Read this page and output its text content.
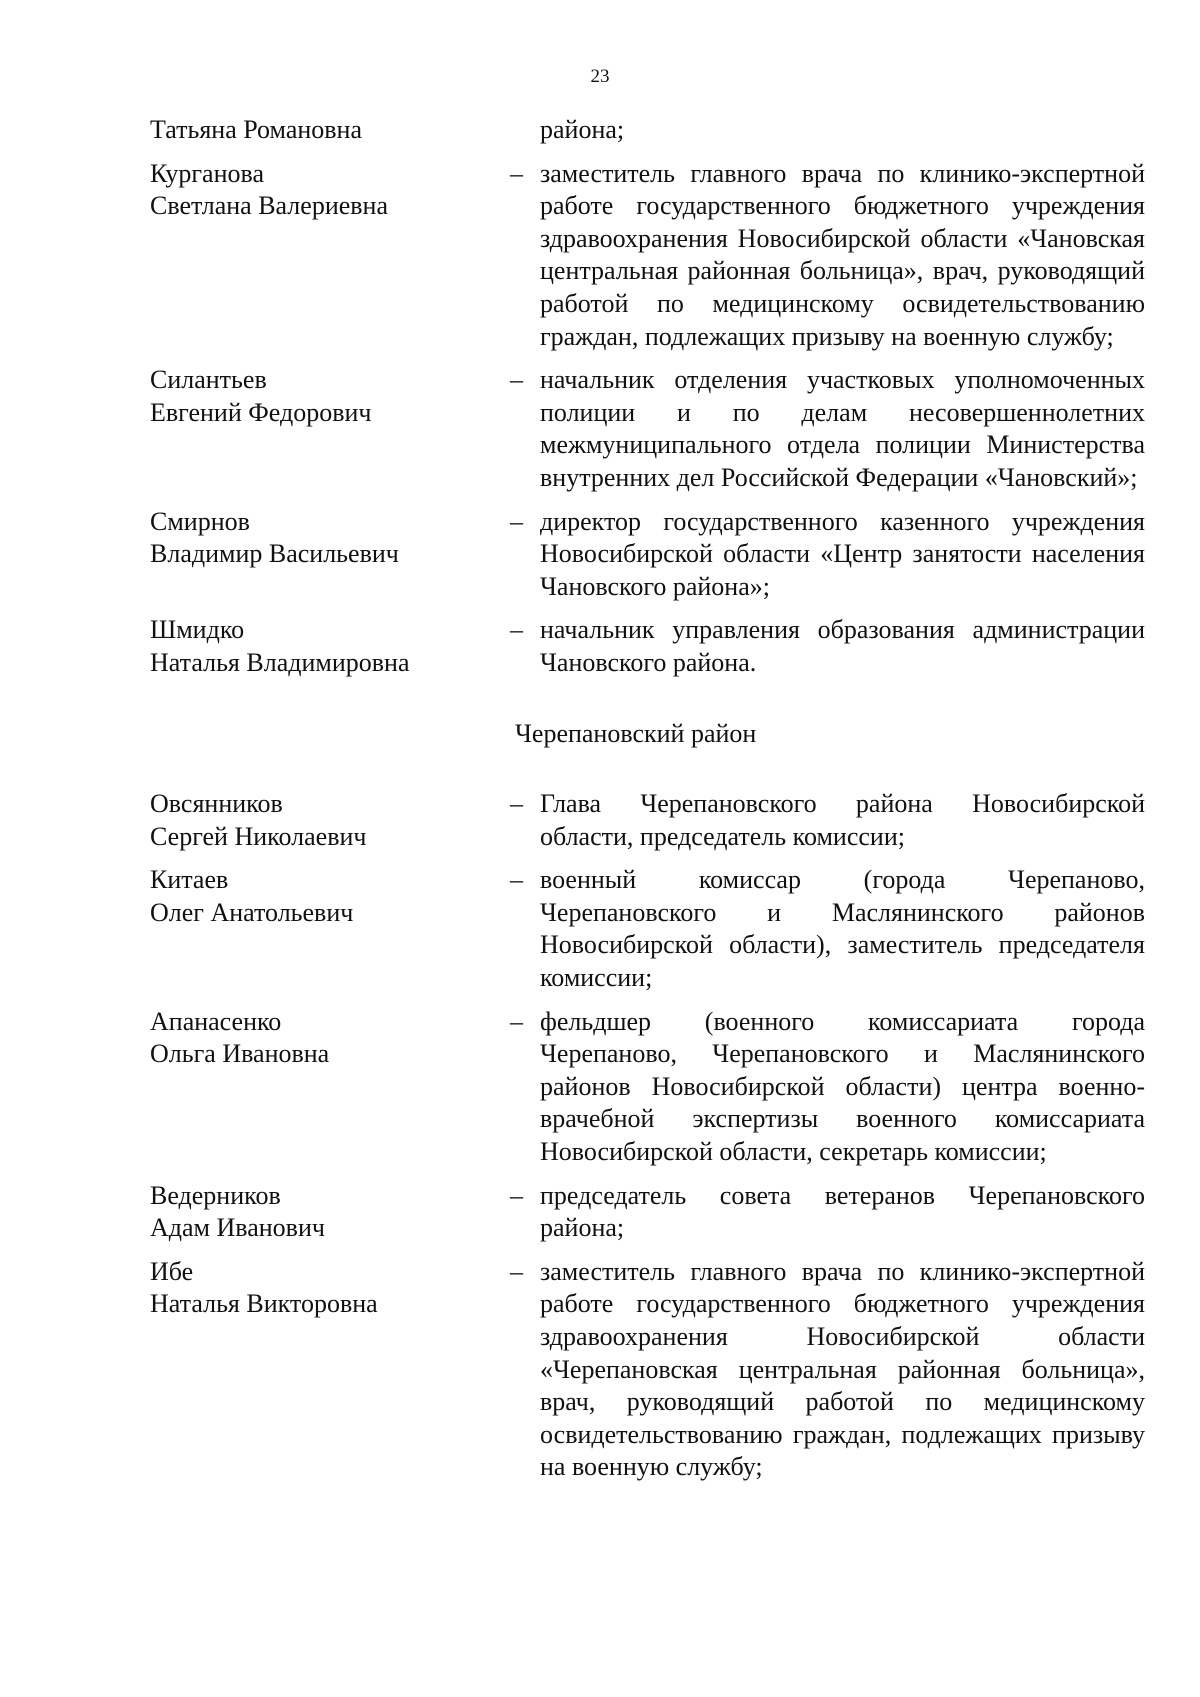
23
Татьяна Романовна	района;
Курганова
Светлана Валериевна
– заместитель главного врача по клинико-экспертной работе государственного бюджетного учреждения здравоохранения Новосибирской области «Чановская центральная районная больница», врач, руководящий работой по медицинскому освидетельствованию граждан, подлежащих призыву на военную службу;
Силантьев
Евгений Федорович
– начальник отделения участковых уполномоченных полиции и по делам несовершеннолетних межмуниципального отдела полиции Министерства внутренних дел Российской Федерации «Чановский»;
Смирнов
Владимир Васильевич
– директор государственного казенного учреждения Новосибирской области «Центр занятости населения Чановского района»;
Шмидко
Наталья Владимировна
– начальник управления образования администрации Чановского района.
Черепановский район
Овсянников
Сергей Николаевич
– Глава Черепановского района Новосибирской области, председатель комиссии;
Китаев
Олег Анатольевич
– военный комиссар (города Черепаново, Черепановского и Маслянинского районов Новосибирской области), заместитель председателя комиссии;
Апанасенко
Ольга Ивановна
– фельдшер (военного комиссариата города Черепаново, Черепановского и Маслянинского районов Новосибирской области) центра военно-врачебной экспертизы военного комиссариата Новосибирской области, секретарь комиссии;
Ведерников
Адам Иванович
– председатель совета ветеранов Черепановского района;
Ибе
Наталья Викторовна
– заместитель главного врача по клинико-экспертной работе государственного бюджетного учреждения здравоохранения Новосибирской области «Черепановская центральная районная больница», врач, руководящий работой по медицинскому освидетельствованию граждан, подлежащих призыву на военную службу;
